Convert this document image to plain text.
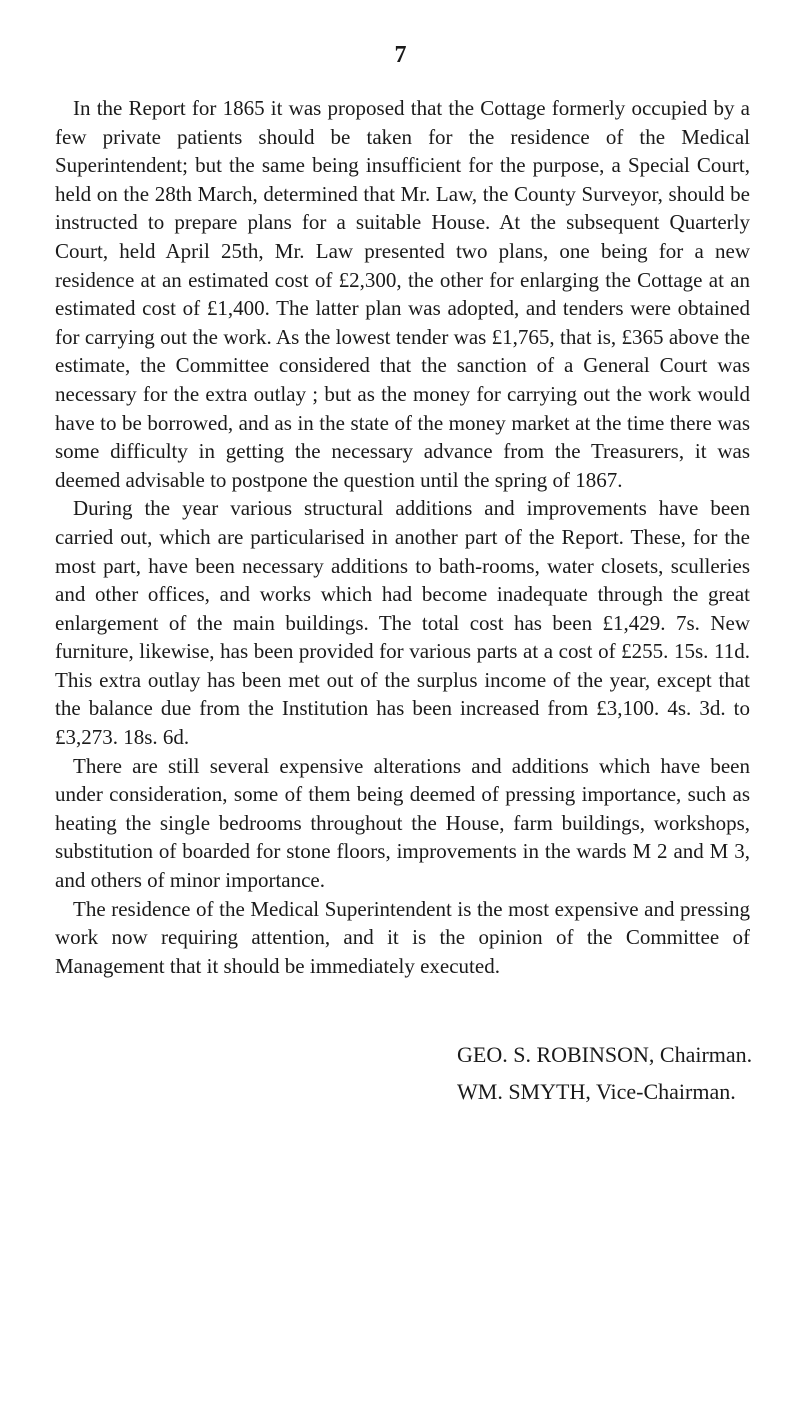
7

In the Report for 1865 it was proposed that the Cottage formerly occupied by a few private patients should be taken for the residence of the Medical Superintendent; but the same being insufficient for the purpose, a Special Court, held on the 28th March, determined that Mr. Law, the County Surveyor, should be instructed to prepare plans for a suitable House. At the subsequent Quarterly Court, held April 25th, Mr. Law presented two plans, one being for a new residence at an estimated cost of £2,300, the other for enlarging the Cottage at an estimated cost of £1,400. The latter plan was adopted, and tenders were obtained for carrying out the work. As the lowest tender was £1,765, that is, £365 above the estimate, the Committee considered that the sanction of a General Court was necessary for the extra outlay ; but as the money for carrying out the work would have to be borrowed, and as in the state of the money market at the time there was some difficulty in getting the necessary advance from the Treasurers, it was deemed advisable to postpone the question until the spring of 1867.

During the year various structural additions and improvements have been carried out, which are particularised in another part of the Report. These, for the most part, have been necessary additions to bath-rooms, water closets, sculleries and other offices, and works which had become inadequate through the great enlargement of the main buildings. The total cost has been £1,429. 7s. New furniture, likewise, has been provided for various parts at a cost of £255. 15s. 11d. This extra outlay has been met out of the surplus income of the year, except that the balance due from the Institution has been increased from £3,100. 4s. 3d. to £3,273. 18s. 6d.

There are still several expensive alterations and additions which have been under consideration, some of them being deemed of pressing importance, such as heating the single bedrooms throughout the House, farm buildings, workshops, substitution of boarded for stone floors, improvements in the wards M 2 and M 3, and others of minor importance.

The residence of the Medical Superintendent is the most expensive and pressing work now requiring attention, and it is the opinion of the Committee of Management that it should be immediately executed.

GEO. S. ROBINSON, Chairman.
WM. SMYTH, Vice-Chairman.
